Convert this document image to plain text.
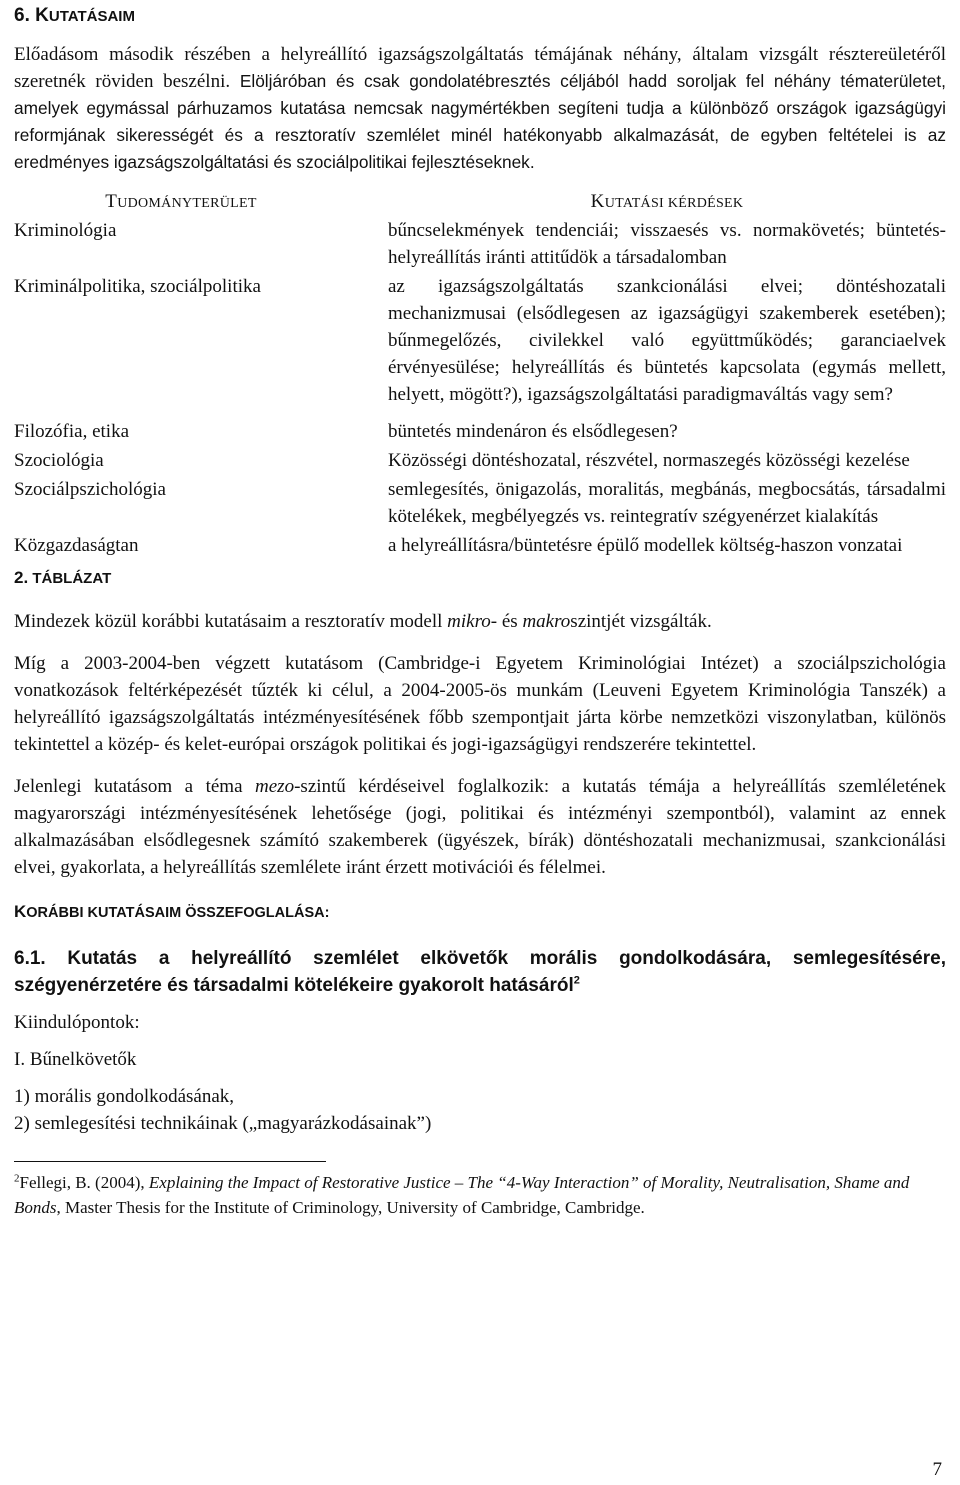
6. KUTATÁSAIM

Előadásom második részében a helyreállító igazságszolgáltatás témájának néhány, általam vizsgált résztereületéről szeretnék röviden beszélni. Elöljáróban és csak gondolatébresztés céljából hadd soroljak fel néhány tématerületet, amelyek egymással párhuzamos kutatása nemcsak nagymértékben segíteni tudja a különböző országok igazságügyi reformjának sikerességét és a resztoratív szemlélet minél hatékonyabb alkalmazását, de egyben feltételei is az eredményes igazságszolgáltatási és szociálpolitikai fejlesztéseknek.

TUDOMÁNYTERÜLET	KUTATÁSI KÉRDÉSEK
Kriminológia	bűncselekmények tendenciái; visszaesés vs. normakövetés; büntetés-helyreállítás iránti attitűdök a társadalomban
Kriminálpolitika, szociálpolitika	az igazságszolgáltatás szankcionálási elvei; döntéshozatali mechanizmusai (elsődlegesen az igazságügyi szakemberek esetében); bűnmegelőzés, civilekkel való együttműködés; garanciaelvek érvényesülése; helyreállítás és büntetés kapcsolata (egymás mellett, helyett, mögött?), igazságszolgáltatási paradigmaváltás vagy sem?
Filozófia, etika	büntetés mindenáron és elsődlegesen?
Szociológia	Közösségi döntéshozatal, részvétel, normaszegés közösségi kezelése
Szociálpszichológia	semlegesítés, önigazolás, moralitás, megbánás, megbocsátás, társadalmi kötelékek, megbélyegzés vs. reintegratív szégyenérzet kialakítás
Közgazdaságtan	a helyreállításra/büntetésre épülő modellek költség-haszon vonzatai
2. TÁBLÁZAT

Mindezek közül korábbi kutatásaim a resztoratív modell mikro- és makroszintjét vizsgálták.

Míg a 2003-2004-ben végzett kutatásom (Cambridge-i Egyetem Kriminológiai Intézet) a szociálpszichológia vonatkozások feltérképezését tűzték ki célul, a 2004-2005-ös munkám (Leuveni Egyetem Kriminológia Tanszék) a helyreállító igazságszolgáltatás intézményesítésének főbb szempontjait járta körbe nemzetközi viszonylatban, különös tekintettel a közép- és kelet-európai országok politikai és jogi-igazságügyi rendszerére tekintettel.

Jelenlegi kutatásom a téma mezo-szintű kérdéseivel foglalkozik: a kutatás témája a helyreállítás szemléletének magyarországi intézményesítésének lehetősége (jogi, politikai és intézményi szempontból), valamint az ennek alkalmazásában elsődlegesnek számító szakemberek (ügyészek, bírák) döntéshozatali mechanizmusai, szankcionálási elvei, gyakorlata, a helyreállítás szemlélete iránt érzett motivációi és félelmei.

KORÁBBI KUTATÁSAIM ÖSSZEFOGLALÁSA:
6.1. Kutatás a helyreállító szemlélet elkövetők morális gondolkodására, semlegesítésére, szégyenérzetére és társadalmi kötelékeire gyakorolt hatásáról$^2$

Kiindulópontok:

I. Bűnelkövetők

1) morális gondolkodásának,

2) semlegesítési technikáinak („magyarázkodásainak”)

$^2$Fellegi, B. (2004), Explaining the Impact of Restorative Justice – The “4-Way Interaction” of Morality, Neutralisation, Shame and Bonds, Master Thesis for the Institute of Criminology, University of Cambridge, Cambridge.
7
